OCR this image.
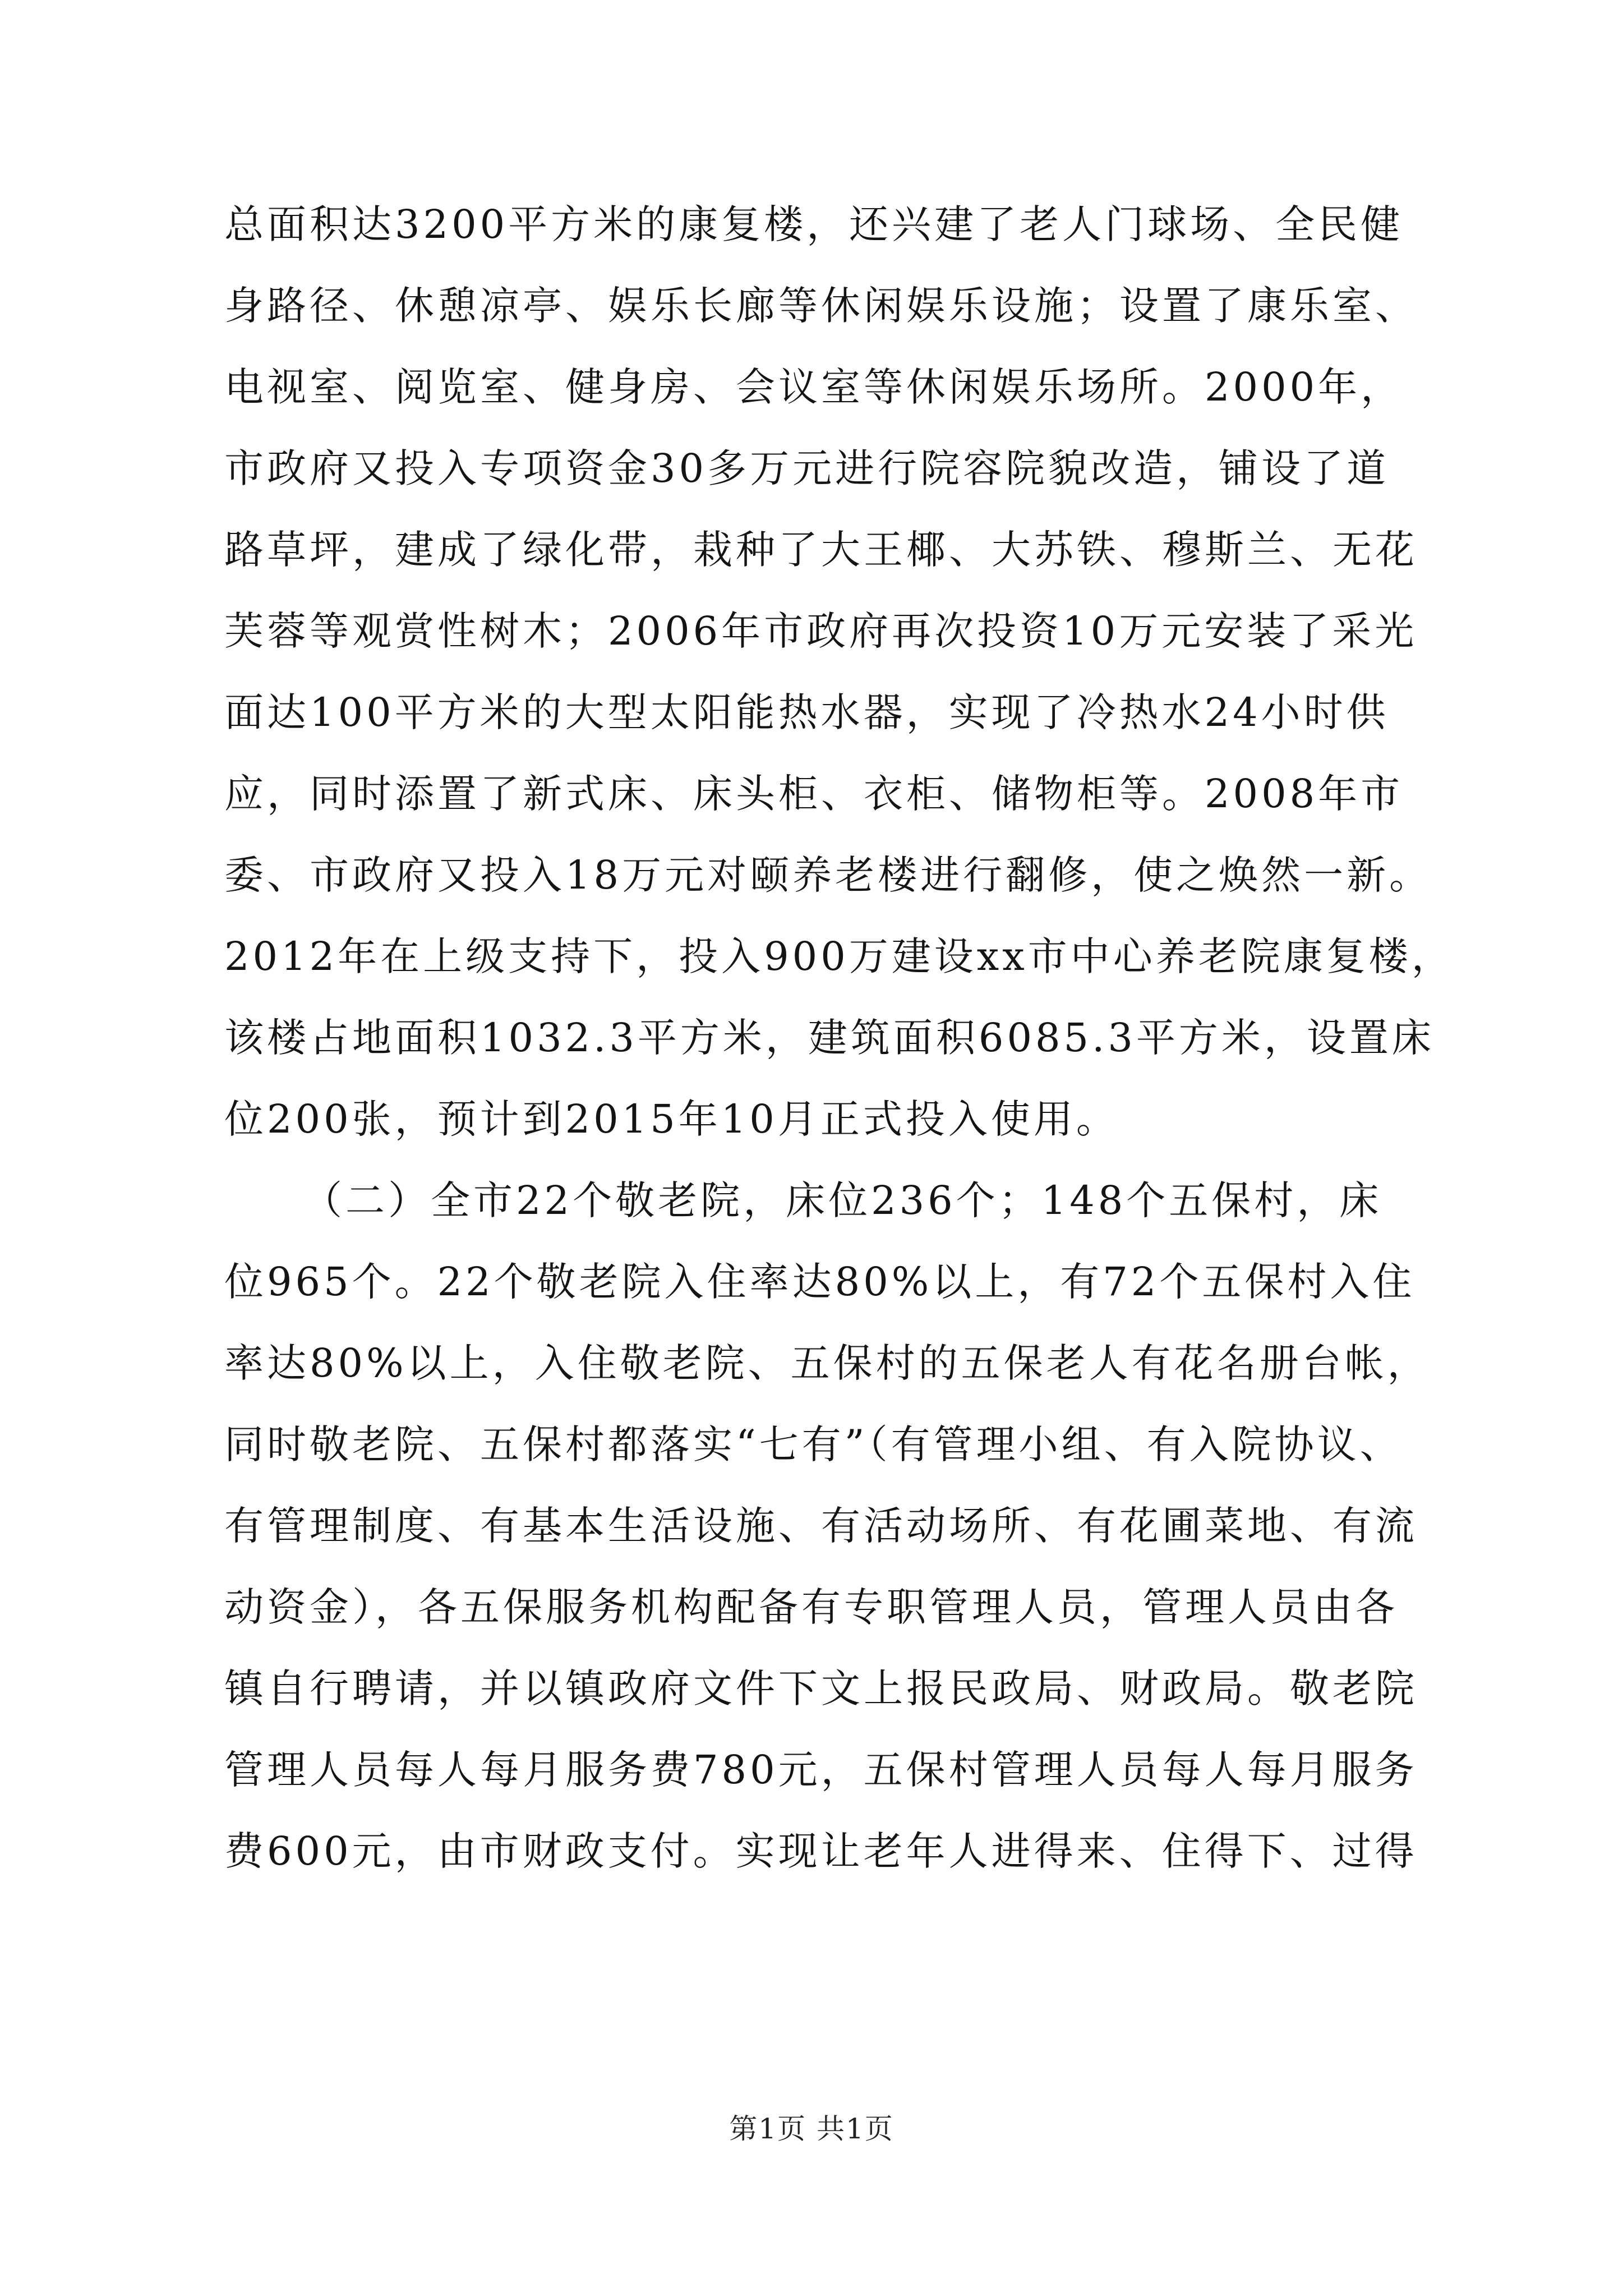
总面积达3200平方米的康复楼，还兴建了老人门球场、全民健
身路径、休憩凉亭、娱乐长廊等休闲娱乐设施；设置了康乐室、
电视室、阅览室、健身房、会议室等休闲娱乐场所。2000年，
市政府又投入专项资金30多万元进行院容院貌改造，铺设了道
路草坪，建成了绿化带，栽种了大王椰、大苏铁、穆斯兰、无花
芙蓉等观赏性树木；2006年市政府再次投资10万元安装了采光
面达100平方米的大型太阳能热水器，实现了冷热水24小时供
应，同时添置了新式床、床头柜、衣柜、储物柜等。2008年市
委、市政府又投入18万元对颐养老楼进行翻修，使之焕然一新。
2012年在上级支持下，投入900万建设xx市中心养老院康复楼，
该楼占地面积1032.3平方米，建筑面积6085.3平方米，设置床
位200张，预计到2015年10月正式投入使用。
（二）全市22个敬老院，床位236个；148个五保村，床
位965个。22个敬老院入住率达80%以上，有72个五保村入住
率达80%以上，入住敬老院、五保村的五保老人有花名册台帐，
同时敬老院、五保村都落实“七有”（有管理小组、有入院协议、
有管理制度、有基本生活设施、有活动场所、有花圃菜地、有流
动资金），各五保服务机构配备有专职管理人员，管理人员由各
镇自行聘请，并以镇政府文件下文上报民政局、财政局。敬老院
管理人员每人每月服务费780元，五保村管理人员每人每月服务
费600元，由市财政支付。实现让老年人进得来、住得下、过得
第1页 共1页
